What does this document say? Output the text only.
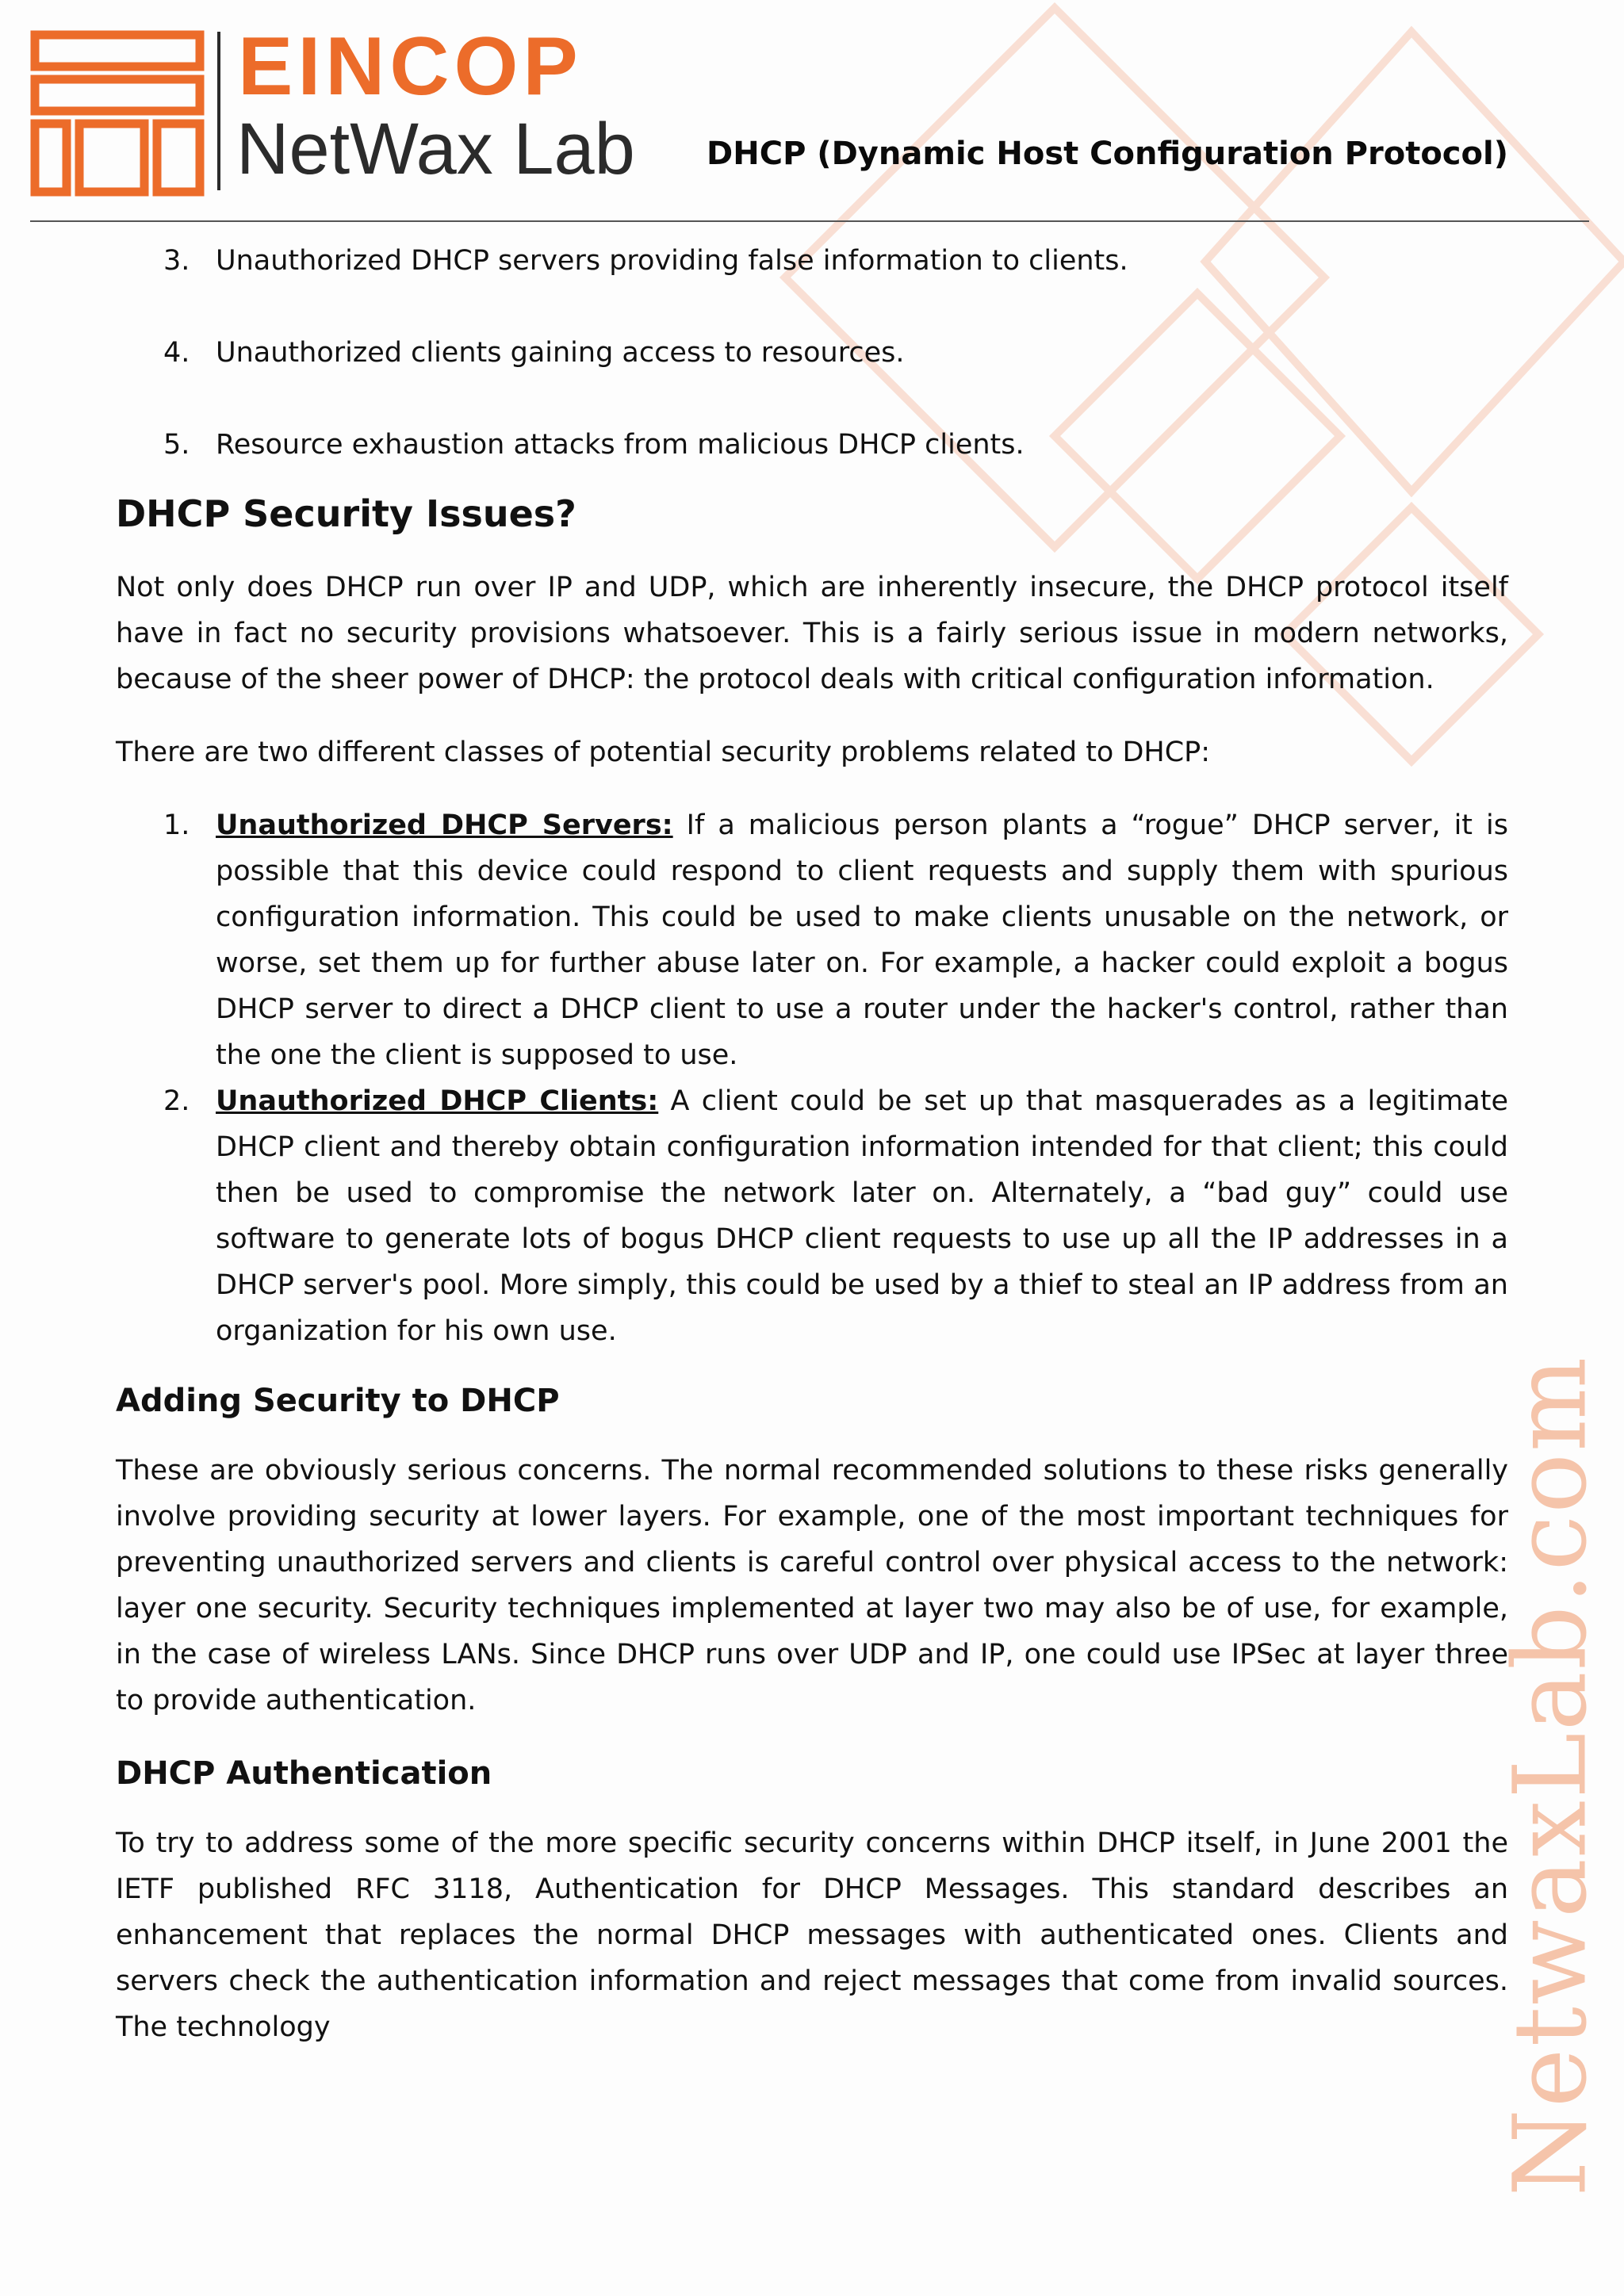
EINCOP
NetWax Lab DHCP (Dynamic Host Configuration Protocol)
NetwaxLab.com
3. Unauthorized DHCP servers providing false information to clients.
4. Unauthorized clients gaining access to resources.
5. Resource exhaustion attacks from malicious DHCP clients.
DHCP Security Issues?

Not only does DHCP run over IP and UDP, which are inherently insecure, the DHCP protocol itself have in fact no security provisions whatsoever. This is a fairly serious issue in modern networks, because of the sheer power of DHCP: the protocol deals with critical configuration information.

There are two different classes of potential security problems related to DHCP:

1. Unauthorized DHCP Servers: If a malicious person plants a “rogue” DHCP server, it is possible that this device could respond to client requests and supply them with spurious configuration information. This could be used to make clients unusable on the network, or worse, set them up for further abuse later on. For example, a hacker could exploit a bogus DHCP server to direct a DHCP client to use a router under the hacker's control, rather than the one the client is supposed to use.
2. Unauthorized DHCP Clients: A client could be set up that masquerades as a legitimate DHCP client and thereby obtain configuration information intended for that client; this could then be used to compromise the network later on. Alternately, a “bad guy” could use software to generate lots of bogus DHCP client requests to use up all the IP addresses in a DHCP server's pool. More simply, this could be used by a thief to steal an IP address from an organization for his own use.
Adding Security to DHCP

These are obviously serious concerns. The normal recommended solutions to these risks generally involve providing security at lower layers. For example, one of the most important techniques for preventing unauthorized servers and clients is careful control over physical access to the network: layer one security. Security techniques implemented at layer two may also be of use, for example, in the case of wireless LANs. Since DHCP runs over UDP and IP, one could use IPSec at layer three to provide authentication.

DHCP Authentication

To try to address some of the more specific security concerns within DHCP itself, in June 2001 the IETF published RFC 3118, Authentication for DHCP Messages. This standard describes an enhancement that replaces the normal DHCP messages with authenticated ones. Clients and servers check the authentication information and reject messages that come from invalid sources. The technology
